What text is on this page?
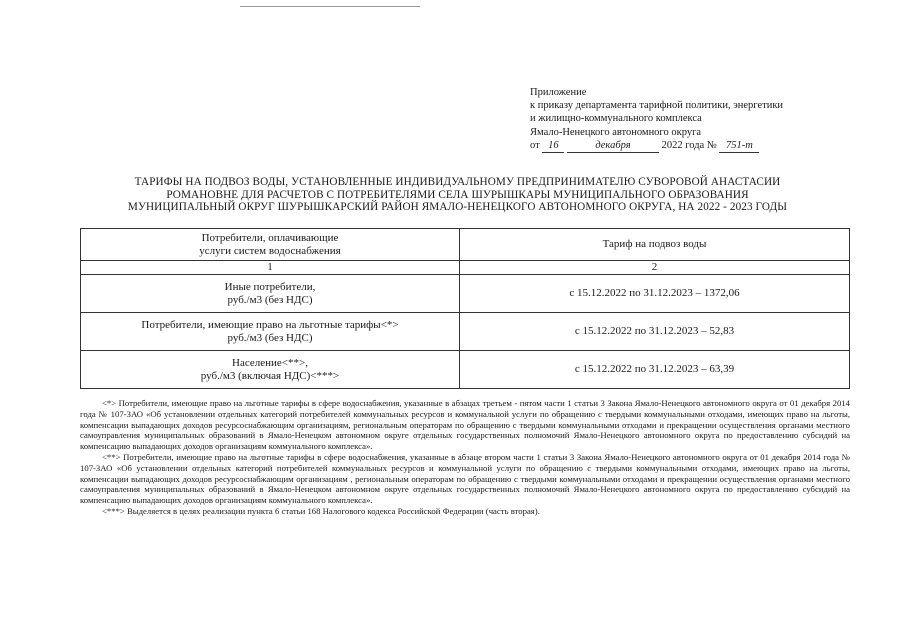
Приложение
к приказу департамента тарифной политики, энергетики
и жилищно-коммунального комплекса
Ямало-Ненецкого автономного округа
от 16	декабря	2022 года № 751-т
ТАРИФЫ НА ПОДВОЗ ВОДЫ, УСТАНОВЛЕННЫЕ ИНДИВИДУАЛЬНОМУ ПРЕДПРИНИМАТЕЛЮ СУВОРОВОЙ АНАСТАСИИ
РОМАНОВНЕ ДЛЯ РАСЧЕТОВ С ПОТРЕБИТЕЛЯМИ СЕЛА ШУРЫШКАРЫ МУНИЦИПАЛЬНОГО ОБРАЗОВАНИЯ
МУНИЦИПАЛЬНЫЙ ОКРУГ ШУРЫШКАРСКИЙ РАЙОН ЯМАЛО-НЕНЕЦКОГО АВТОНОМНОГО ОКРУГА, НА 2022 - 2023 ГОДЫ
Потребители, оплачивающие
услуги систем водоснабжения	Тариф на подвоз воды
1	2

Иные потребители,
руб./м3 (без НДС)	с 15.12.2022 по 31.12.2023 – 1372,06

Потребители, имеющие право на льготные тарифы<*>
руб./м3 (без НДС)	с 15.12.2022 по 31.12.2023 – 52,83

Население<**>,
руб./м3 (включая НДС)<***>	с 15.12.2022 по 31.12.2023 – 63,39

<*> Потребители, имеющие право на льготные тарифы в сфере водоснабжения, указанные в абзацах третьем - пятом части 1 статьи 3 Закона Ямало-Ненецкого автономного округа от 01 декабря 2014 года № 107-ЗАО «Об установлении отдельных категорий потребителей коммунальных ресурсов и коммунальной услуги по обращению с твердыми коммунальными отходами, имеющих право на льготы, компенсации выпадающих доходов ресурсоснабжающим организациям, региональным операторам по обращению с твердыми коммунальными отходами и прекращении осуществления органами местного самоуправления муниципальных образований в Ямало-Ненецком автономном округе отдельных государственных полномочий Ямало-Ненецкого автономного округа по предоставлению субсидий на компенсацию выпадающих доходов организациям коммунального комплекса».

<**> Потребители, имеющие право на льготные тарифы в сфере водоснабжения, указанные в абзаце втором части 1 статьи 3 Закона Ямало-Ненецкого автономного округа от 01 декабря 2014 года № 107-ЗАО «Об установлении отдельных категорий потребителей коммунальных ресурсов и коммунальной услуги по обращению с твердыми коммунальными отходами, имеющих право на льготы, компенсации выпадающих доходов ресурсоснабжающим организациям , региональным операторам по обращению с твердыми коммунальными отходами и прекращении осуществления органами местного самоуправления муниципальных образований в Ямало-Ненецком автономном округе отдельных государственных полномочий Ямало-Ненецкого автономного округа по предоставлению субсидий на компенсацию выпадающих доходов организациям коммунального комплекса».

<***> Выделяется в целях реализации пункта 6 статьи 168 Налогового кодекса Российской Федерации (часть вторая).
